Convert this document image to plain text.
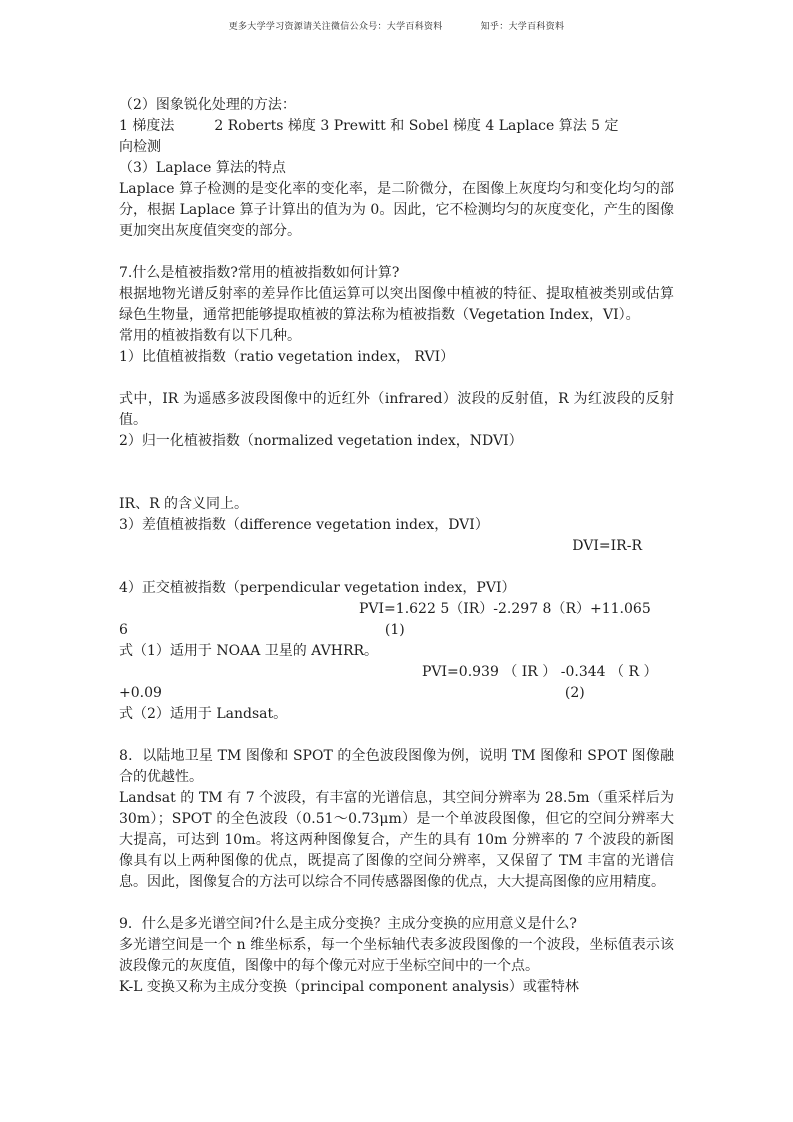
更多大学学习资源请关注微信公众号：大学百科资料	知乎：大学百科资料

（2）图象锐化处理的方法：

1 梯度法	2 Roberts 梯度 3 Prewitt 和 Sobel 梯度 4 Laplace 算法 5 定

向检测

（3）Laplace 算法的特点

Laplace 算子检测的是变化率的变化率，是二阶微分，在图像上灰度均匀和变化均匀的部分，根据 Laplace 算子计算出的值为为 0。因此，它不检测均匀的灰度变化，产生的图像更加突出灰度值突变的部分。

7.什么是植被指数?常用的植被指数如何计算?

根据地物光谱反射率的差异作比值运算可以突出图像中植被的特征、提取植被类别或估算绿色生物量，通常把能够提取植被的算法称为植被指数（Vegetation Index，VI）。

常用的植被指数有以下几种。

1）比值植被指数（ratio vegetation index， RVI）

式中，IR 为遥感多波段图像中的近红外（infrared）波段的反射值，R 为红波段的反射值。

2）归一化植被指数（normalized vegetation index，NDVI）

IR、R 的含义同上。

3）差值植被指数（difference vegetation index，DVI）

DVI=IR-R

4）正交植被指数（perpendicular vegetation index，PVI）

PVI=1.622 5（IR）-2.297 8（R）+11.065

6	(1)

式（1）适用于 NOAA 卫星的 AVHRR。

PVI=0.939 （ IR ） -0.344 （ R ）

+0.09	(2)

式（2）适用于 Landsat。

8．以陆地卫星 TM 图像和 SPOT 的全色波段图像为例，说明 TM 图像和 SPOT 图像融合的优越性。

Landsat 的 TM 有 7 个波段，有丰富的光谱信息，其空间分辨率为 28.5m（重采样后为 30m）；SPOT 的全色波段（0.51～0.73μm）是一个单波段图像，但它的空间分辨率大大提高，可达到 10m。将这两种图像复合，产生的具有 10m 分辨率的 7 个波段的新图像具有以上两种图像的优点，既提高了图像的空间分辨率，又保留了 TM 丰富的光谱信息。因此，图像复合的方法可以综合不同传感器图像的优点，大大提高图像的应用精度。

9．什么是多光谱空间?什么是主成分变换？主成分变换的应用意义是什么?

多光谱空间是一个 n 维坐标系，每一个坐标轴代表多波段图像的一个波段，坐标值表示该波段像元的灰度值，图像中的每个像元对应于坐标空间中的一个点。

K-L 变换又称为主成分变换（principal component analysis）或霍特林
